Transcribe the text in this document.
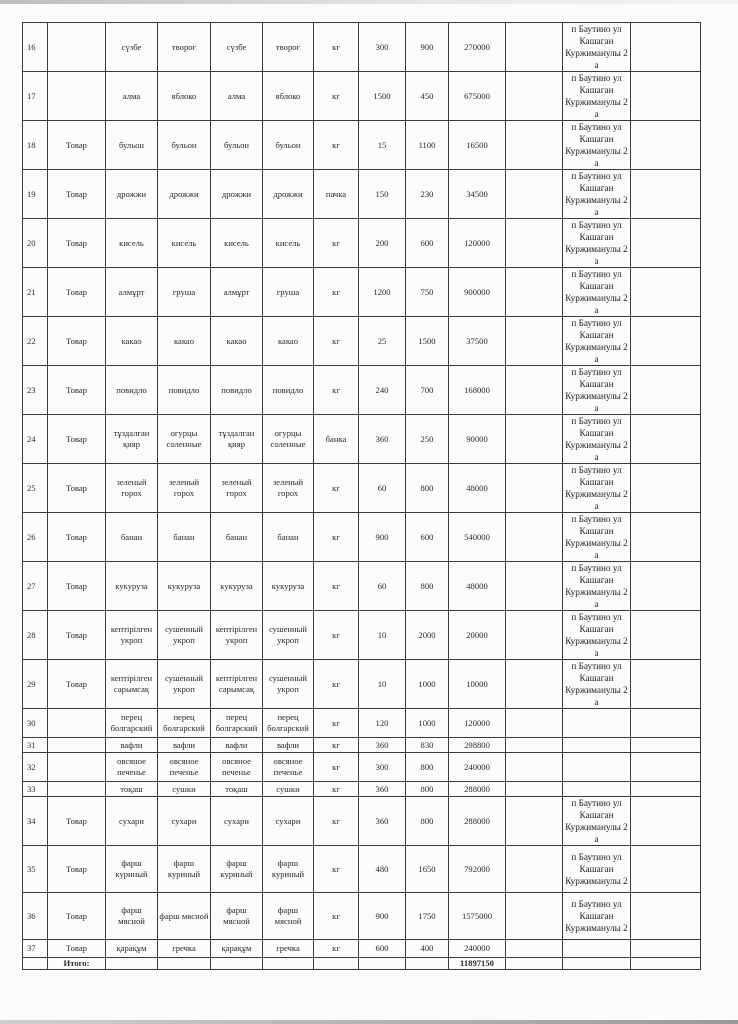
16		сүзбе	творог	сүзбе	творог	кг	300	900	270000		п Баутино ул Кашаган Куржиманулы 2 а	
17		алма	яблоко	алма	яблоко	кг	1500	450	675000		п Баутино ул Кашаган Куржиманулы 2 а	
18	Товар	бульон	бульон	бульон	бульон	кг	15	1100	16500		п Баутино ул Кашаган Куржиманулы 2 а	
19	Товар	дрожжи	дрожжи	дрожжи	дрожжи	пачка	150	230	34500		п Баутино ул Кашаган Куржиманулы 2 а	
20	Товар	кисель	кисель	кисель	кисель	кг	200	600	120000		п Баутино ул Кашаган Куржиманулы 2 а	
21	Товар	алмұрт	груша	алмұрт	груша	кг	1200	750	900000		п Баутино ул Кашаган Куржиманулы 2 а	
22	Товар	какао	какао	какао	какао	кг	25	1500	37500		п Баутино ул Кашаган Куржиманулы 2 а	
23	Товар	повидло	повидло	повидло	повидло	кг	240	700	168000		п Баутино ул Кашаган Куржиманулы 2 а	
24	Товар	тұздалған қияр	огурцы соленные	тұздалған қияр	огурцы соленные	банка	360	250	90000		п Баутино ул Кашаган Куржиманулы 2 а	
25	Товар	зеленый горох	зеленый горох	зеленый горох	зеленый горох	кг	60	800	48000		п Баутино ул Кашаган Куржиманулы 2 а	
26	Товар	банан	банан	банан	банан	кг	900	600	540000		п Баутино ул Кашаган Куржиманулы 2 а	
27	Товар	кукуруза	кукуруза	кукуруза	кукуруза	кг	60	800	48000		п Баутино ул Кашаган Куржиманулы 2 а	
28	Товар	кептірілген укроп	сушенный укроп	кептірілген укроп	сушенный укроп	кг	10	2000	20000		п Баутино ул Кашаган Куржиманулы 2 а	
29	Товар	кептірілген сарымсақ	сушенный укроп	кептірілген сарымсақ	сушенный укроп	кг	10	1000	10000		п Баутино ул Кашаган Куржиманулы 2 а	
30		перец болгарский	перец болгарский	перец болгарский	перец болгарский	кг	120	1000	120000			
31		вафли	вафли	вафли	вафли	кг	360	830	298800			
32		овсяное печенье	овсяное печенье	овсяное печенье	овсяное печенье	кг	300	800	240000			
33		тоқаш	сушки	тоқаш	сушки	кг	360	800	288000			
34	Товар	сухари	сухари	сухари	сухари	кг	360	800	288000		п Баутино ул Кашаган Куржиманулы 2 а	
35	Товар	фарш куриный	фарш куриный	фарш куриный	фарш куриный	кг	480	1650	792000		п Баутино ул Кашаган Куржиманулы 2	
36	Товар	фарш мясной	фарш мясной	фарш мясной	фарш мясной	кг	900	1750	1575000		п Баутино ул Кашаган Куржиманулы 2	
37	Товар	қарақұм	гречка	қарақұм	гречка	кг	600	400	240000			
	Итого:								11897150			
